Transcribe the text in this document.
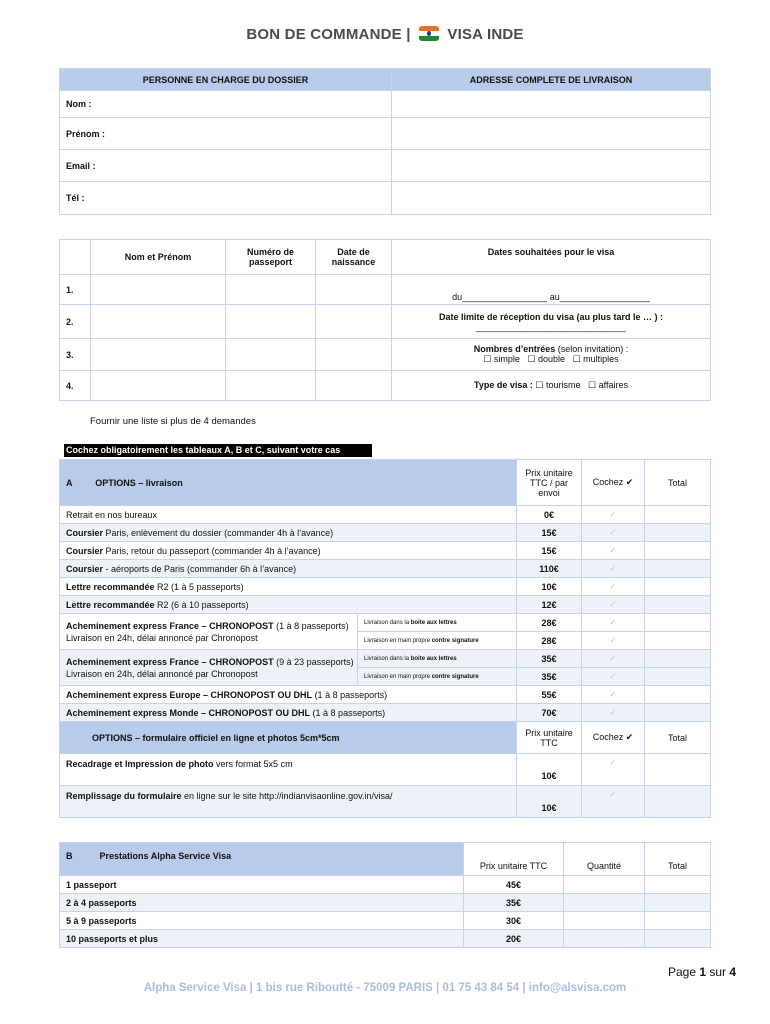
BON DE COMMANDE | VISA INDE
PERSONNE EN CHARGE DU DOSSIER	ADRESSE COMPLETE DE LIVRAISON
Nom :	
Prénom :	
Email :	
Tél :	
	Nom et Prénom	Numéro de passeport	Date de naissance	Dates souhaitées pour le visa
1.				du_________________ au__________________
2.				Date limite de réception du visa (au plus tard le … ) :
______________________________

3.				Nombres d’entrées (selon invitation) :
☐ simple ☐ double ☐ multiples

4.				Type de visa : ☐ tourisme ☐ affaires
Fournir une liste si plus de 4 demandes
Cochez obligatoirement les tableaux A, B et C, suivant votre cas
A OPTIONS – livraison		Prix unitaire TTC / par envoi	Cochez ✔	Total
Retrait en nos bureaux		0€	✓	
Coursier Paris, enlèvement du dossier (commander 4h à l’avance)		15€	✓	
Coursier Paris, retour du passeport (commander 4h à l’avance)		15€	✓	
Coursier - aéroports de Paris (commander 6h à l’avance)		110€	✓	
Lettre recommandée R2 (1 à 5 passeports)		10€	✓	
Lettre recommandée R2 (6 à 10 passeports)		12€	✓	

Acheminement express France – CHRONOPOST (1 à 8 passeports)
Livraison en 24h, délai annoncé par Chronopost	Livraison dans la boite aux lettres	28€	✓	
	Livraison en main propre contre signature	28€	✓	

Acheminement express France – CHRONOPOST (9 à 23 passeports)
Livraison en 24h, délai annoncé par Chronopost	Livraison dans la boite aux lettres	35€	✓	
	Livraison en main propre contre signature	35€	✓	
Acheminement express Europe – CHRONOPOST OU DHL (1 à 8 passeports)		55€	✓	
Acheminement express Monde – CHRONOPOST OU DHL (1 à 8 passeports)		70€	✓	
OPTIONS – formulaire officiel en ligne et photos 5cm*5cm		Prix unitaire TTC	Cochez ✔	Total
Recadrage et Impression de photo vers format 5x5 cm		10€	✓	
Remplissage du formulaire en ligne sur le site http://indianvisaonline.gov.in/visa/		10€	✓	
B Prestations Alpha Service Visa	Prix unitaire TTC	Quantité	Total
1 passeport	45€		
2 à 4 passeports	35€		
5 à 9 passeports	30€		
10 passeports et plus	20€		
Page 1 sur 4
Alpha Service Visa | 1 bis rue Riboutté - 75009 PARIS | 01 75 43 84 54 | info@alsvisa.com
